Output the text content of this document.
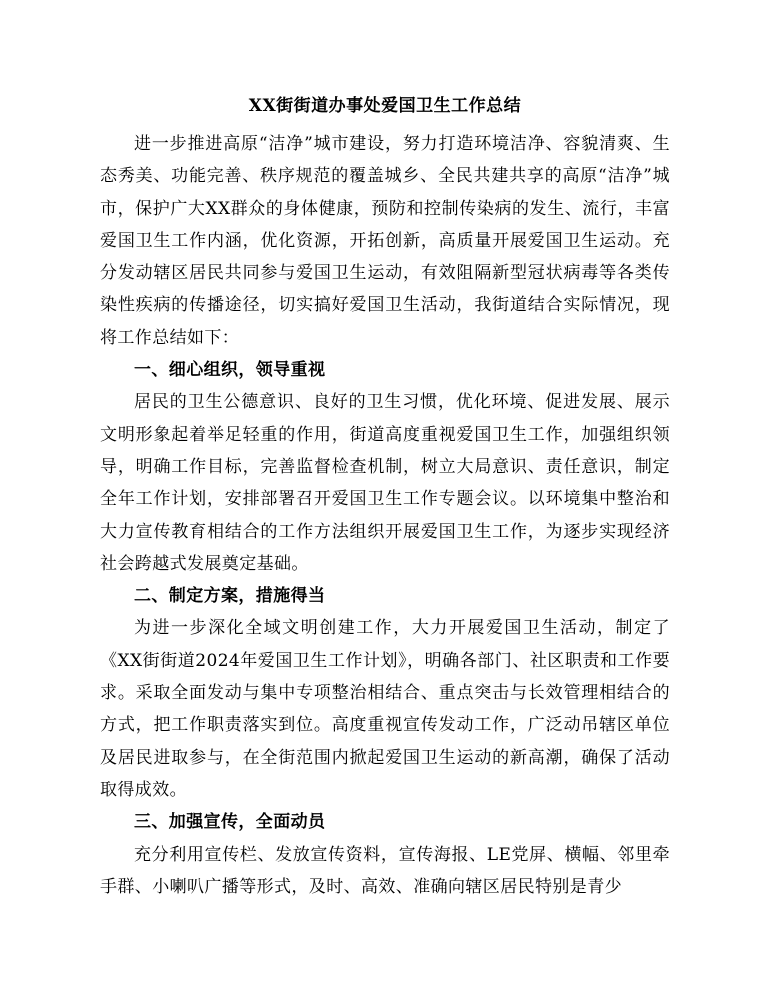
XX街街道办事处爱国卫生工作总结

进一步推进高原“洁净”城市建设，努力打造环境洁净、容貌清爽、生态秀美、功能完善、秩序规范的覆盖城乡、全民共建共享的高原“洁净”城市，保护广大XX群众的身体健康，预防和控制传染病的发生、流行，丰富爱国卫生工作内涵，优化资源，开拓创新，高质量开展爱国卫生运动。充分发动辖区居民共同参与爱国卫生运动，有效阻隔新型冠状病毒等各类传染性疾病的传播途径，切实搞好爱国卫生活动，我街道结合实际情况，现将工作总结如下：

一、细心组织，领导重视

居民的卫生公德意识、良好的卫生习惯，优化环境、促进发展、展示文明形象起着举足轻重的作用，街道高度重视爱国卫生工作，加强组织领导，明确工作目标，完善监督检查机制，树立大局意识、责任意识，制定全年工作计划，安排部署召开爱国卫生工作专题会议。以环境集中整治和大力宣传教育相结合的工作方法组织开展爱国卫生工作，为逐步实现经济社会跨越式发展奠定基础。

二、制定方案，措施得当

为进一步深化全域文明创建工作，大力开展爱国卫生活动，制定了《XX街街道2024年爱国卫生工作计划》，明确各部门、社区职责和工作要求。采取全面发动与集中专项整治相结合、重点突击与长效管理相结合的方式，把工作职责落实到位。高度重视宣传发动工作，广泛动吊辖区单位及居民进取参与，在全街范围内掀起爱国卫生运动的新高潮，确保了活动取得成效。

三、加强宣传，全面动员

充分利用宣传栏、发放宣传资料，宣传海报、LE党屏、横幅、邻里牵手群、小喇叭广播等形式，及时、高效、准确向辖区居民特别是青少
